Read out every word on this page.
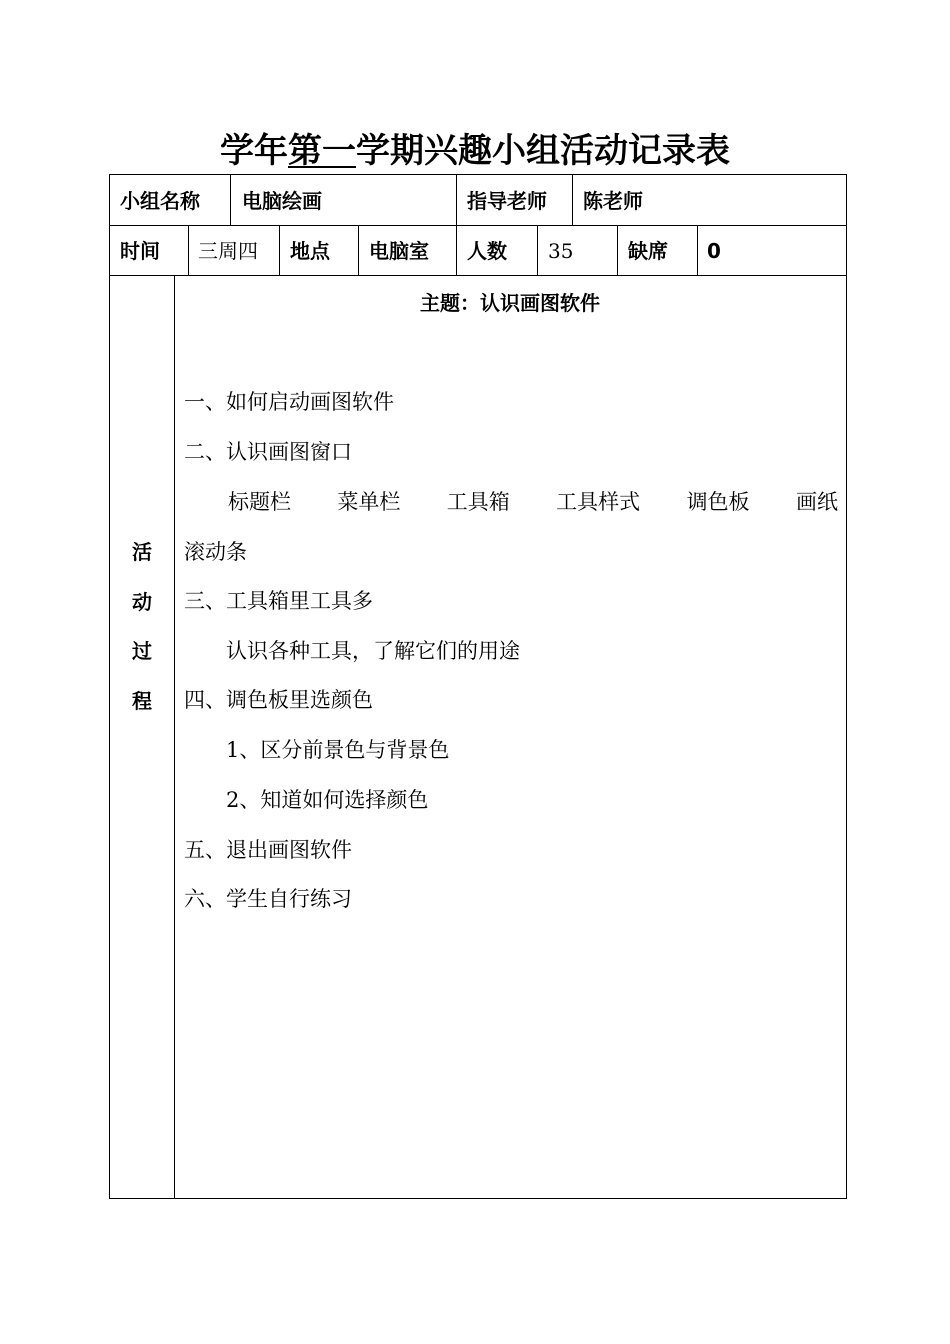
学年第一学期兴趣小组活动记录表
小组名称 电脑绘画	指导老师 陈老师
时间 三周四 地点 电脑室 人数 35	缺席 0
活
动
过
程
主题：认识画图软件
一、如何启动画图软件
二、认识画图窗口
标题栏 菜单栏 工具箱 工具样式 调色板 画纸
滚动条
三、工具箱里工具多
　　认识各种工具，了解它们的用途
四、调色板里选颜色
　　1、区分前景色与背景色
　　2、知道如何选择颜色
五、退出画图软件
六、学生自行练习
